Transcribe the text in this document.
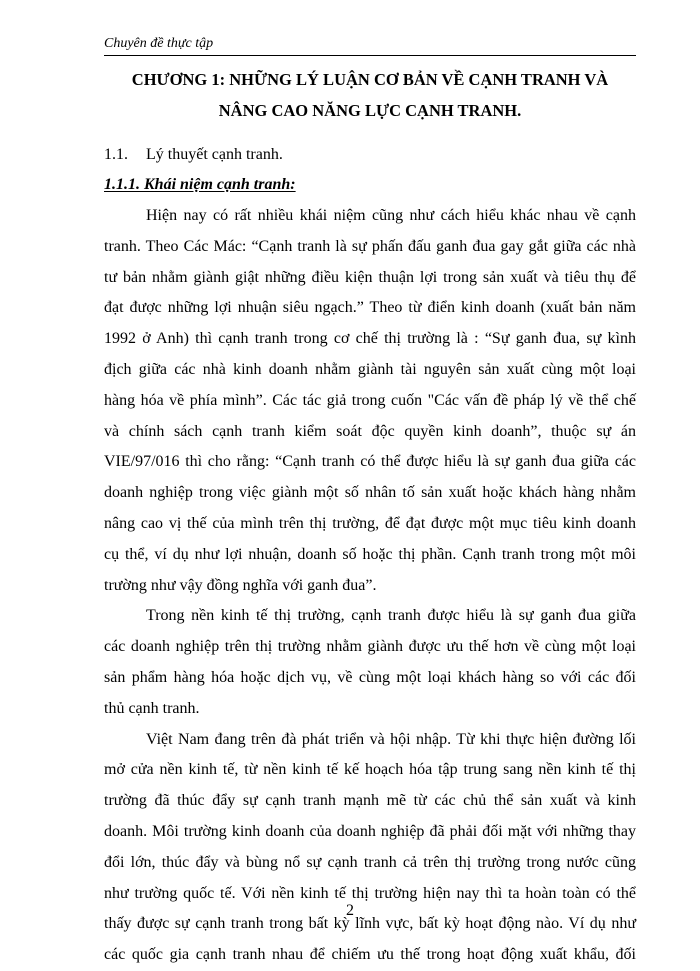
Chuyên đề thực tập
CHƯƠNG 1: NHỮNG LÝ LUẬN CƠ BẢN VỀ CẠNH TRANH VÀ
NÂNG CAO NĂNG LỰC CẠNH TRANH.
1.1. Lý thuyết cạnh tranh.
1.1.1. Khái niệm cạnh tranh:
Hiện nay có rất nhiều khái niệm cũng như cách hiểu khác nhau về cạnh
tranh. Theo Các Mác: “Cạnh tranh là sự phấn đấu ganh đua gay gắt giữa các nhà
tư bản nhằm giành giật những điều kiện thuận lợi trong sản xuất và tiêu thụ để
đạt được những lợi nhuận siêu ngạch.” Theo từ điển kinh doanh (xuất bản năm
1992 ở Anh) thì cạnh tranh trong cơ chế thị trường là : “Sự ganh đua, sự kình
địch giữa các nhà kinh doanh nhằm giành tài nguyên sản xuất cùng một loại
hàng hóa về phía mình”. Các tác giả trong cuốn "Các vấn đề pháp lý về thể chế
và chính sách cạnh tranh kiểm soát độc quyền kinh doanh”, thuộc sự án
VIE/97/016 thì cho rằng: “Cạnh tranh có thể được hiểu là sự ganh đua giữa các
doanh nghiệp trong việc giành một số nhân tố sản xuất hoặc khách hàng nhằm
nâng cao vị thế của mình trên thị trường, để đạt được một mục tiêu kinh doanh
cụ thể, ví dụ như lợi nhuận, doanh số hoặc thị phần. Cạnh tranh trong một môi
trường như vậy đồng nghĩa với ganh đua”.
Trong nền kinh tế thị trường, cạnh tranh được hiểu là sự ganh đua giữa
các doanh nghiệp trên thị trường nhằm giành được ưu thế hơn về cùng một loại
sản phẩm hàng hóa hoặc dịch vụ, về cùng một loại khách hàng so với các đối
thủ cạnh tranh.
Việt Nam đang trên đà phát triển và hội nhập. Từ khi thực hiện đường lối
mở cửa nền kinh tế, từ nền kinh tế kế hoạch hóa tập trung sang nền kinh tế thị
trường đã thúc đẩy sự cạnh tranh mạnh mẽ từ các chủ thể sản xuất và kinh
doanh. Môi trường kinh doanh của doanh nghiệp đã phải đối mặt với những thay
đổi lớn, thúc đẩy và bùng nổ sự cạnh tranh cả trên thị trường trong nước cũng
như trường quốc tế. Với nền kinh tế thị trường hiện nay thì ta hoàn toàn có thể
thấy được sự cạnh tranh trong bất kỳ lĩnh vực, bất kỳ hoạt động nào. Ví dụ như
các quốc gia cạnh tranh nhau để chiếm ưu thế trong hoạt động xuất khẩu, đối
2
